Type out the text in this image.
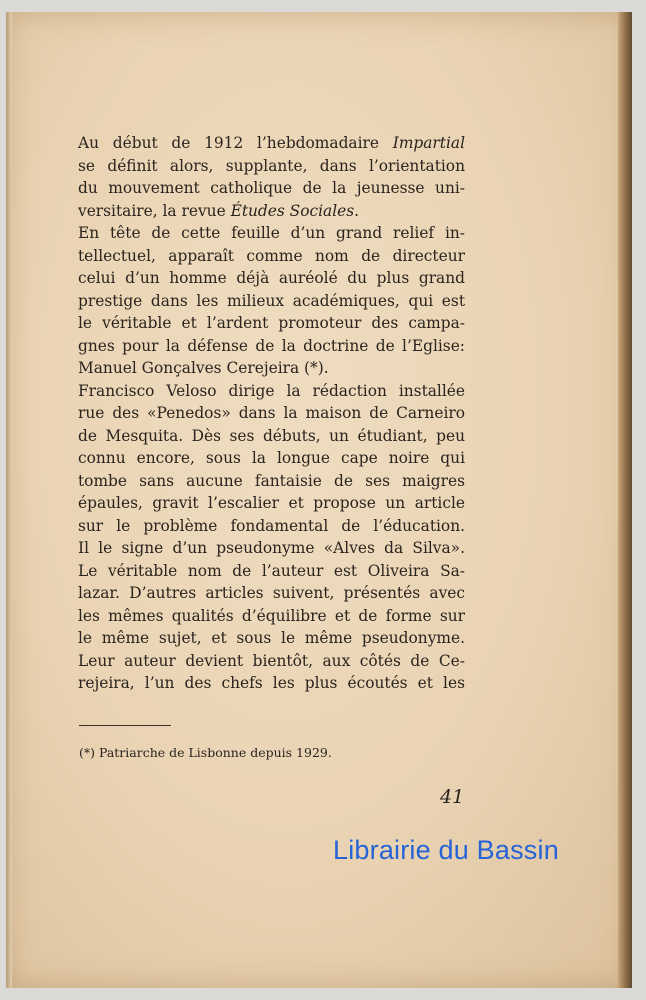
Au début de 1912 l’hebdomadaire Impartial
se définit alors, supplante, dans l’orientation
du mouvement catholique de la jeunesse uni-
versitaire, la revue Études Sociales.
En tête de cette feuille d’un grand relief in-
tellectuel, apparaît comme nom de directeur
celui d’un homme déjà auréolé du plus grand
prestige dans les milieux académiques, qui est
le véritable et l’ardent promoteur des campa-
gnes pour la défense de la doctrine de l’Eglise:
Manuel Gonçalves Cerejeira (*).
Francisco Veloso dirige la rédaction installée
rue des «Penedos» dans la maison de Carneiro
de Mesquita. Dès ses débuts, un étudiant, peu
connu encore, sous la longue cape noire qui
tombe sans aucune fantaisie de ses maigres
épaules, gravit l’escalier et propose un article
sur le problème fondamental de l’éducation.
Il le signe d’un pseudonyme «Alves da Silva».
Le véritable nom de l’auteur est Oliveira Sa-
lazar. D’autres articles suivent, présentés avec
les mêmes qualités d’équilibre et de forme sur
le même sujet, et sous le même pseudonyme.
Leur auteur devient bientôt, aux côtés de Ce-
rejeira, l’un des chefs les plus écoutés et les
(*) Patriarche de Lisbonne depuis 1929.
41
Librairie du Bassin
